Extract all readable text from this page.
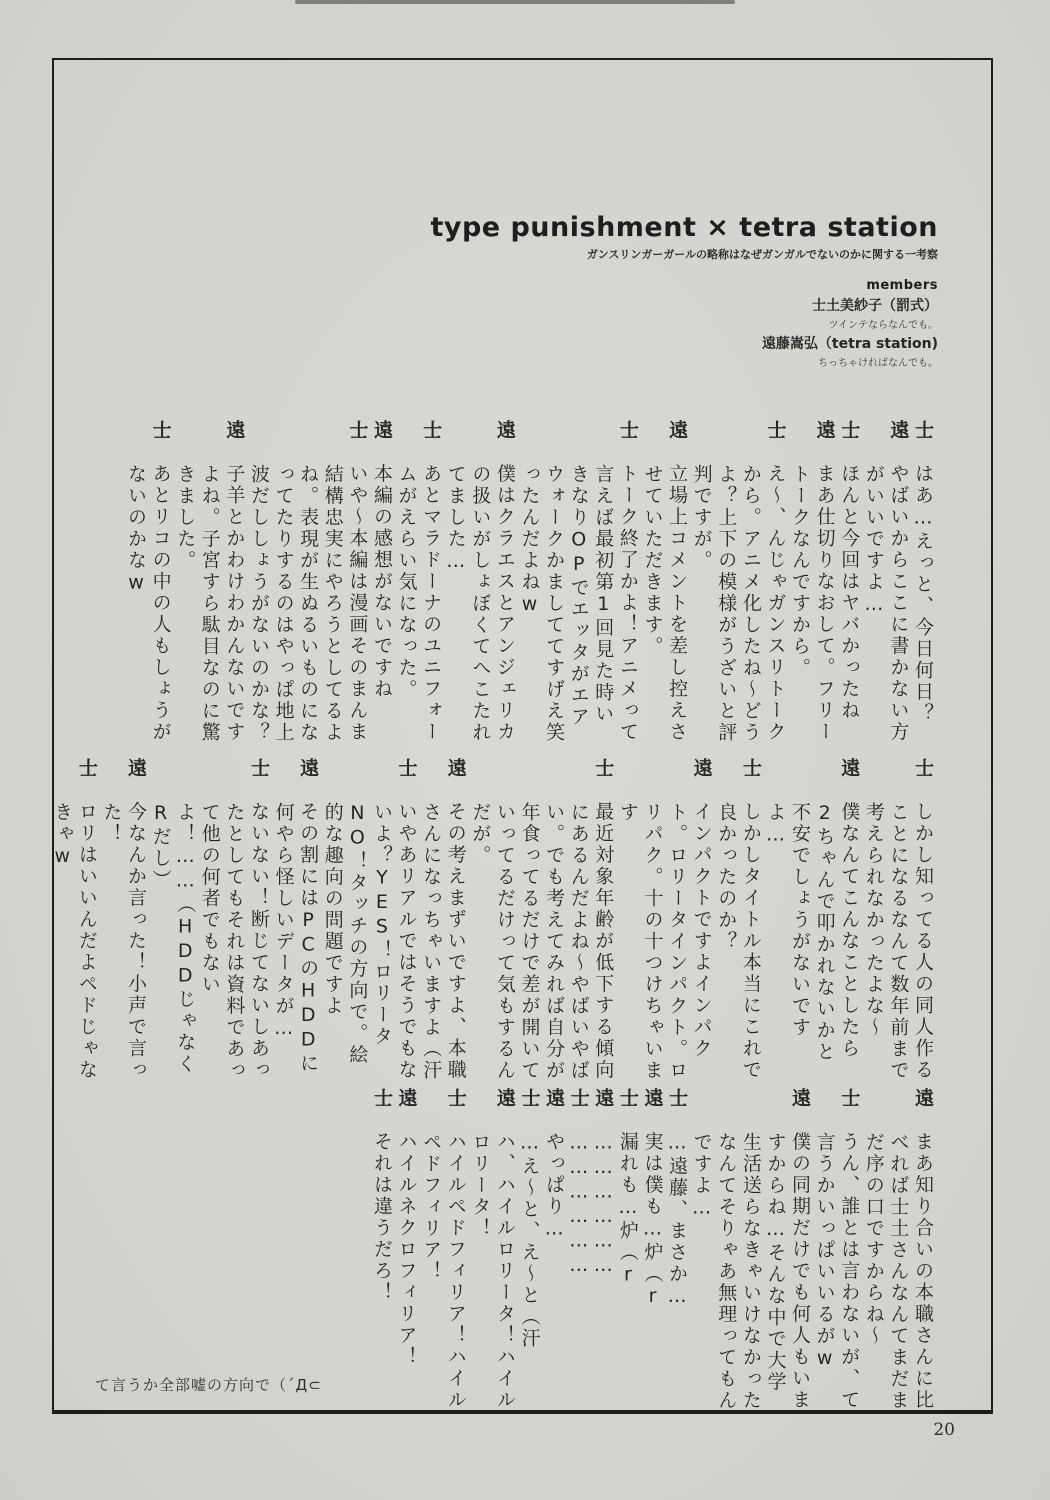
type punishment × tetra station
ガンスリンガーガールの略称はなぜガンガルでないのかに関する一考察
members
士土美紗子（罰式）
ツインテならなんでも。
遠藤嵩弘（tetra station)
ちっちゃければなんでも。
士はあ…えっと、今日何日？
遠やばいからここに書かない方がいいですよ…
士ほんと今回はヤバかったね
遠まあ仕切りなおして。フリートークなんですから。
士え〜、んじゃガンスリトークから。アニメ化したね〜どうよ？上下の模様がうざいと評判ですが。
遠立場上コメントを差し控えさせていただきます。
士トーク終了かよ！アニメって言えば最初第1回見た時いきなりOPでエッタがエアウォークかましててすげえ笑ったんだよねw
遠僕はクラエスとアンジェリカの扱いがしょぼくてへこたれてました…
士あとマラドーナのユニフォームがえらい気になった。
遠本編の感想がないですね
士いや〜本編は漫画そのまんま結構忠実にやろうとしてるよね。表現が生ぬるいものになってたりするのはやっぱ地上波だししょうがないのかな？
遠子羊とかわけわかんないですよね。子宮すら駄目なのに驚きました。
士あとリコの中の人もしょうがないのかなw
士しかし知ってる人の同人作ることになるなんて数年前まで考えられなかったよな〜
遠僕なんてこんなことしたら2ちゃんで叩かれないかと不安でしょうがないですよ…
士しかしタイトル本当にこれで良かったのか？
遠インパクトですよインパクト。ロリータインパクト。ロリパク。十の十つけちゃいます
士最近対象年齢が低下する傾向にあるんだよね〜やばいやばい。でも考えてみれば自分が年食ってるだけで差が開いていってるだけって気もするんだが。
遠その考えまずいですよ、本職さんになっちゃいますよ（汗
士いやあリアルではそうでもないよ？YES！ロリータNO！タッチの方向で。絵的な趣向の問題ですよ
遠その割にはPCのHDDに何やら怪しいデータが…
士ないない！断じてないしあったとしてもそれは資料であって他の何者でもないよ！……（HDDじゃなくRだし）
遠今なんか言った！小声で言った！
士ロリはいいんだよペドじゃなきゃw
遠まあ知り合いの本職さんに比べれば士土さんなんてまだまだ序の口ですからね〜
士うん、誰とは言わないが、て言うかいっぱいいるがw
遠僕の同期だけでも何人もいますからね…そんな中で大学生活送らなきゃいけなかったなんてそりゃあ無理ってもんですよ…
士…遠藤、まさか…
遠実は僕も…炉（r
士漏れも…炉（r
遠………………
士………………
遠やっぱり…
士…え〜と、え〜と（汗
遠ハ、ハイルロリータ！ハイルロリータ！
士ハイルペドフィリア！ハイルペドフィリア！
遠ハイルネクロフィリア！
士それは違うだろ！
て言うか全部嘘の方向で（´Д⊂
20
